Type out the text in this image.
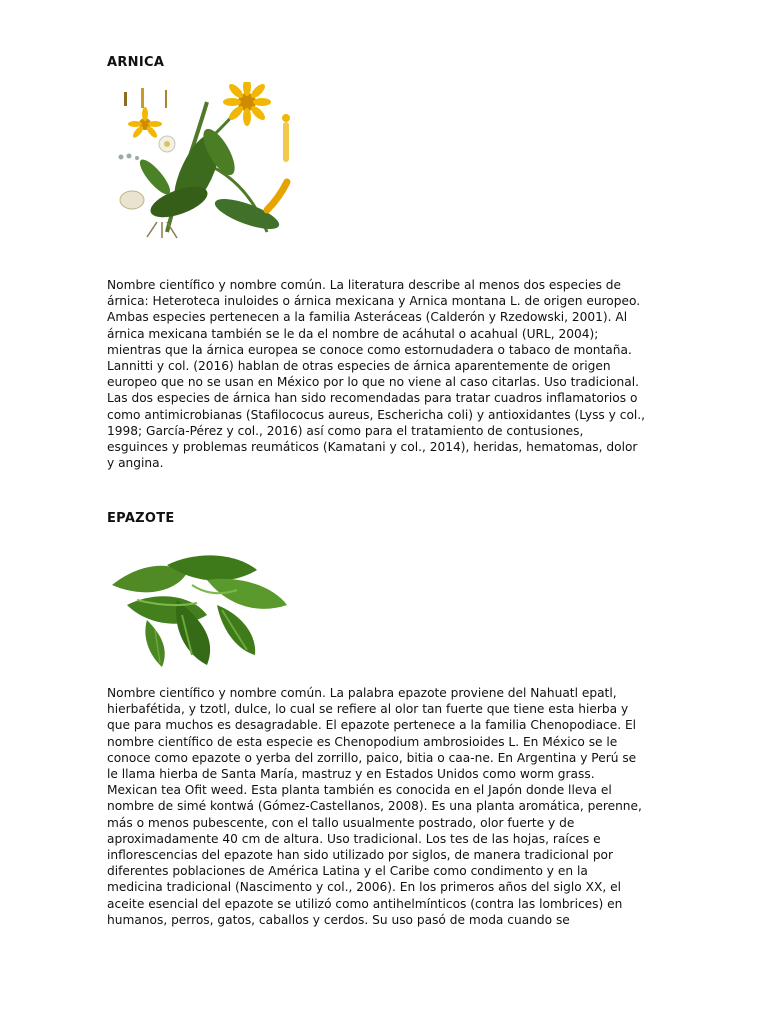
ARNICA

Nombre científico y nombre común. La literatura describe al menos dos especies de
árnica: Heteroteca inuloides o árnica mexicana y Arnica montana L. de origen europeo.
Ambas especies pertenecen a la familia Asteráceas (Calderón y Rzedowski, 2001). Al
árnica mexicana también se le da el nombre de acáhutal o acahual (URL, 2004);
mientras que la árnica europea se conoce como estornudadera o tabaco de montaña.
Lannitti y col. (2016) hablan de otras especies de árnica aparentemente de origen
europeo que no se usan en México por lo que no viene al caso citarlas. Uso tradicional.
Las dos especies de árnica han sido recomendadas para tratar cuadros inflamatorios o
como antimicrobianas (Stafilococus aureus, Eschericha coli) y antioxidantes (Lyss y col.,
1998; García-Pérez y col., 2016) así como para el tratamiento de contusiones,
esguinces y problemas reumáticos (Kamatani y col., 2014), heridas, hematomas, dolor
y angina.

EPAZOTE

Nombre científico y nombre común. La palabra epazote proviene del Nahuatl epatl,
hierbafétida, y tzotl, dulce, lo cual se refiere al olor tan fuerte que tiene esta hierba y
que para muchos es desagradable. El epazote pertenece a la familia Chenopodiace. El
nombre científico de esta especie es Chenopodium ambrosioides L. En México se le
conoce como epazote o yerba del zorrillo, paico, bitia o caa-ne. En Argentina y Perú se
le llama hierba de Santa María, mastruz y en Estados Unidos como worm grass.
Mexican tea Ofit weed. Esta planta también es conocida en el Japón donde lleva el
nombre de simé kontwá (Gómez-Castellanos, 2008). Es una planta aromática, perenne,
más o menos pubescente, con el tallo usualmente postrado, olor fuerte y de
aproximadamente 40 cm de altura. Uso tradicional. Los tes de las hojas, raíces e
inflorescencias del epazote han sido utilizado por siglos, de manera tradicional por
diferentes poblaciones de América Latina y el Caribe como condimento y en la
medicina tradicional (Nascimento y col., 2006). En los primeros años del siglo XX, el
aceite esencial del epazote se utilizó como antihelmínticos (contra las lombrices) en
humanos, perros, gatos, caballos y cerdos. Su uso pasó de moda cuando se
